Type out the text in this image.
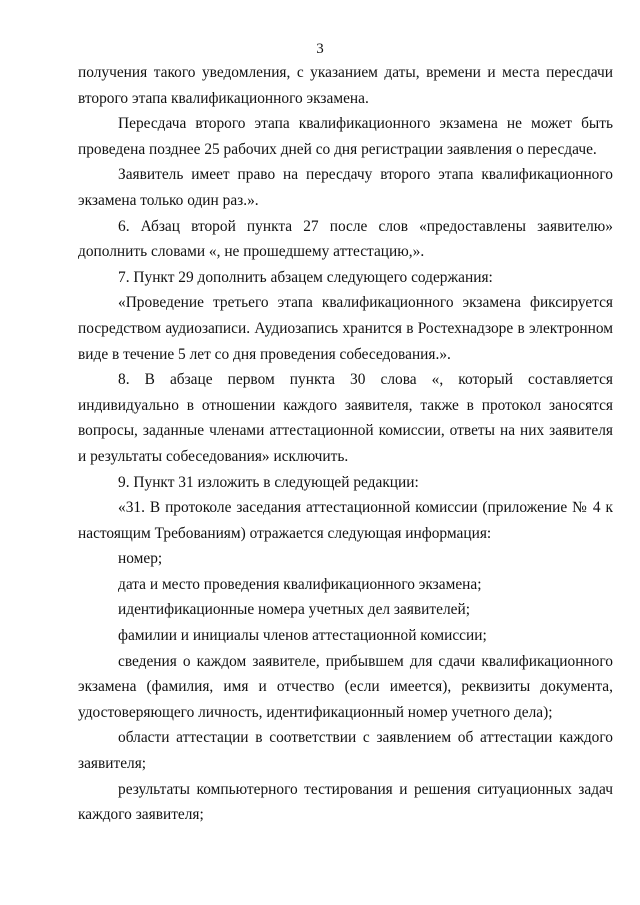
3

получения такого уведомления, с указанием даты, времени и места пересдачи второго этапа квалификационного экзамена.

Пересдача второго этапа квалификационного экзамена не может быть проведена позднее 25 рабочих дней со дня регистрации заявления о пересдаче.

Заявитель имеет право на пересдачу второго этапа квалификационного экзамена только один раз.».

6. Абзац второй пункта 27 после слов «предоставлены заявителю» дополнить словами «, не прошедшему аттестацию,».

7. Пункт 29 дополнить абзацем следующего содержания:

«Проведение третьего этапа квалификационного экзамена фиксируется посредством аудиозаписи. Аудиозапись хранится в Ростехнадзоре в электронном виде в течение 5 лет со дня проведения собеседования.».

8. В абзаце первом пункта 30 слова «, который составляется индивидуально в отношении каждого заявителя, также в протокол заносятся вопросы, заданные членами аттестационной комиссии, ответы на них заявителя и результаты собеседования» исключить.

9. Пункт 31 изложить в следующей редакции:

«31. В протоколе заседания аттестационной комиссии (приложение № 4 к настоящим Требованиям) отражается следующая информация:

номер;

дата и место проведения квалификационного экзамена;

идентификационные номера учетных дел заявителей;

фамилии и инициалы членов аттестационной комиссии;

сведения о каждом заявителе, прибывшем для сдачи квалификационного экзамена (фамилия, имя и отчество (если имеется), реквизиты документа, удостоверяющего личность, идентификационный номер учетного дела);

области аттестации в соответствии с заявлением об аттестации каждого заявителя;

результаты компьютерного тестирования и решения ситуационных задач каждого заявителя;
